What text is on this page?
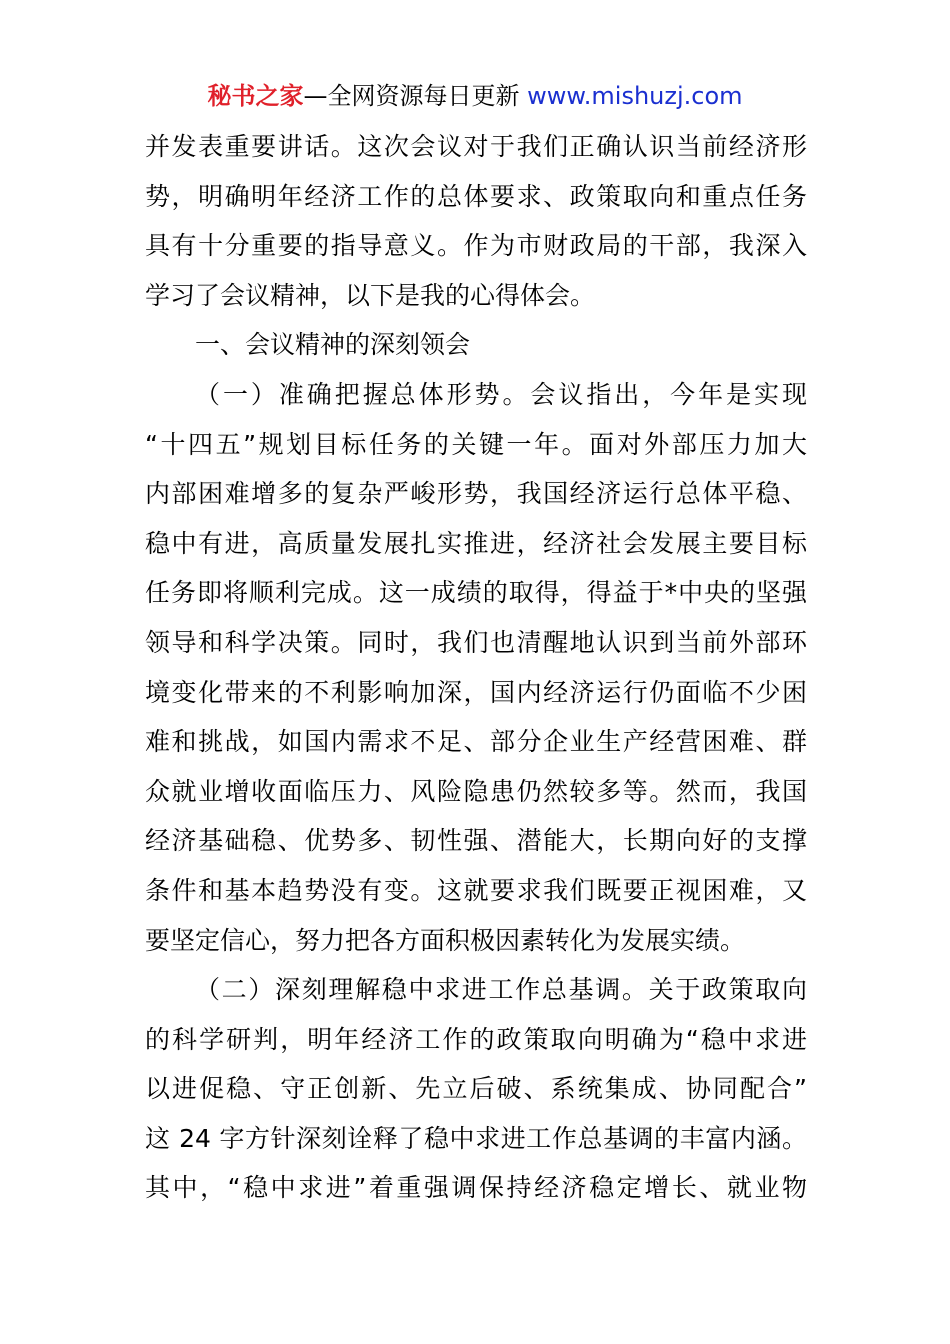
秘书之家—全网资源每日更新 www.mishuzj.com
并发表重要讲话。这次会议对于我们正确认识当前经济形
势，明确明年经济工作的总体要求、政策取向和重点任务
具有十分重要的指导意义。作为市财政局的干部，我深入
学习了会议精神，以下是我的心得体会。
一、会议精神的深刻领会
（一）准确把握总体形势。会议指出，今年是实现
“十四五”规划目标任务的关键一年。面对外部压力加大
内部困难增多的复杂严峻形势，我国经济运行总体平稳、
稳中有进，高质量发展扎实推进，经济社会发展主要目标
任务即将顺利完成。这一成绩的取得，得益于*中央的坚强
领导和科学决策。同时，我们也清醒地认识到当前外部环
境变化带来的不利影响加深，国内经济运行仍面临不少困
难和挑战，如国内需求不足、部分企业生产经营困难、群
众就业增收面临压力、风险隐患仍然较多等。然而，我国
经济基础稳、优势多、韧性强、潜能大，长期向好的支撑
条件和基本趋势没有变。这就要求我们既要正视困难，又
要坚定信心，努力把各方面积极因素转化为发展实绩。
（二）深刻理解稳中求进工作总基调。关于政策取向
的科学研判，明年经济工作的政策取向明确为“稳中求进
以进促稳、守正创新、先立后破、系统集成、协同配合”
这 24 字方针深刻诠释了稳中求进工作总基调的丰富内涵。
其中，“稳中求进”着重强调保持经济稳定增长、就业物
